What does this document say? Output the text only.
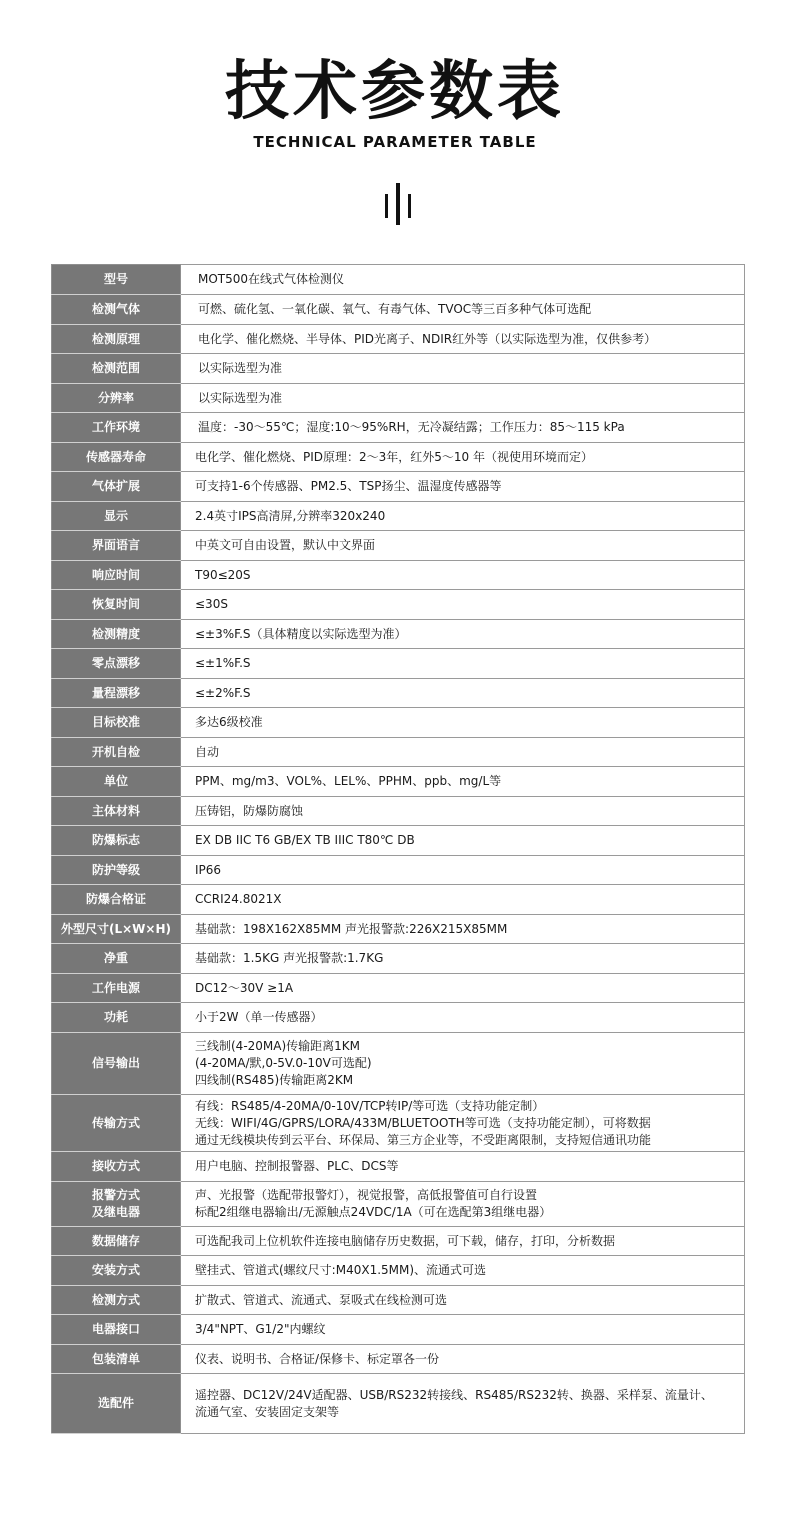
技术参数表
TECHNICAL PARAMETER TABLE
型号	MOT500在线式气体检测仪

检测气体	可燃、硫化氢、一氧化碳、氧气、有毒气体、TVOC等三百多种气体可选配

检测原理	电化学、催化燃烧、半导体、PID光离子、NDIR红外等（以实际选型为准，仅供参考）

检测范围	以实际选型为准

分辨率	以实际选型为准

工作环境	温度：-30～55℃；湿度:10～95%RH，无冷凝结露；工作压力：85～115 kPa

传感器寿命	电化学、催化燃烧、PID原理：2～3年，红外5～10 年（视使用环境而定）

气体扩展	可支持1-6个传感器、PM2.5、TSP扬尘、温湿度传感器等

显示	2.4英寸IPS高清屏,分辨率320x240

界面语言	中英文可自由设置，默认中文界面

响应时间	T90≤20S

恢复时间	≤30S

检测精度	≤±3%F.S（具体精度以实际选型为准）

零点漂移	≤±1%F.S

量程漂移	≤±2%F.S

目标校准	多达6级校准

开机自检	自动

单位	PPM、mg/m3、VOL%、LEL%、PPHM、ppb、mg/L等

主体材料	压铸铝，防爆防腐蚀

防爆标志	EX DB IIC T6 GB/EX TB IIIC T80℃ DB

防护等级	IP66

防爆合格证	CCRI24.8021X

外型尺寸(L×W×H)	基础款：198X162X85MM 声光报警款:226X215X85MM

净重	基础款：1.5KG 声光报警款:1.7KG

工作电源	DC12～30V ≥1A

功耗	小于2W（单一传感器）

信号输出	三线制(4-20MA)传输距离1KM
(4-20MA/默,0-5V.0-10V可选配)
四线制(RS485)传输距离2KM

传输方式	有线：RS485/4-20MA/0-10V/TCP转IP/等可选（支持功能定制）
无线：WIFI/4G/GPRS/LORA/433M/BLUETOOTH等可选（支持功能定制），可将数据
通过无线模块传到云平台、环保局、第三方企业等，不受距离限制，支持短信通讯功能

接收方式	用户电脑、控制报警器、PLC、DCS等

报警方式
及继电器	声、光报警（选配带报警灯），视觉报警，高低报警值可自行设置
标配2组继电器输出/无源触点24VDC/1A（可在选配第3组继电器）

数据储存	可选配我司上位机软件连接电脑储存历史数据，可下载，储存，打印，分析数据

安装方式	壁挂式、管道式(螺纹尺寸:M40X1.5MM)、流通式可选

检测方式	扩散式、管道式、流通式、泵吸式在线检测可选

电器接口	3/4"NPT、G1/2"内螺纹

包装清单	仪表、说明书、合格证/保修卡、标定罩各一份

选配件	遥控器、DC12V/24V适配器、USB/RS232转接线、RS485/RS232转、换器、采样泵、流量计、
流通气室、安装固定支架等
